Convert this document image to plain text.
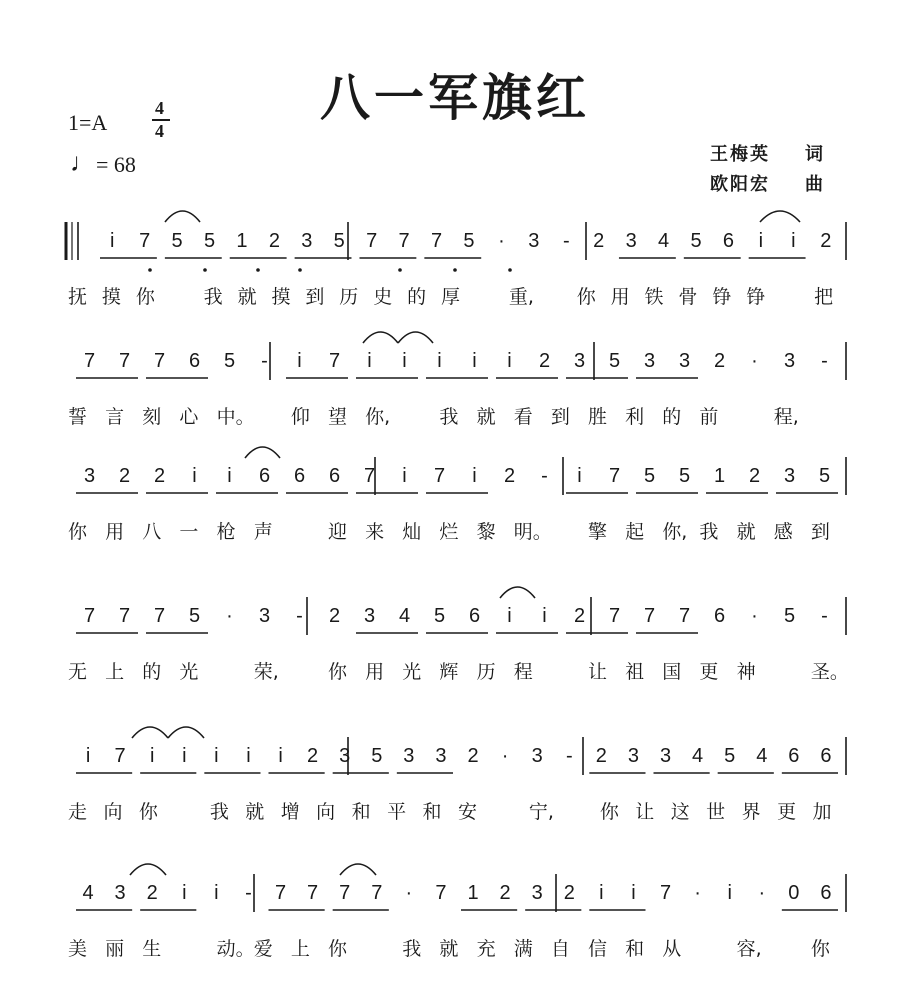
八一军旗红
1=A
4
4
♩ = 68	王梅英 词
欧阳宏 曲
i	7	5	5	1	2	3	5	7	7	7	5	·	3	-	2	3	4	5	6	i	i	2
抚 摸 你	我 就 摸 到 历 史 的 厚	重, 你 用 铁 骨 铮 铮	把
7	7	7	6	5	-	i	7	i	i	i	i	i	2	3	5	3	3	2	·	3	-
誓 言 刻 心 中。 仰 望 你,	我 就 看 到 胜 利 的 前	程,
3	2	2	i	i	6	6	6	7	i	7	i	2	-	i	7	5	5	1	2	3	5
你 用 八 一 枪 声	迎 来 灿 烂 黎 明。 擎 起 你, 我 就 感 到
7	7	7	5	·	3	-	2	3	4	5	6	i	i	2	7	7	7	6	·	5	-
无 上 的 光	荣,	你 用 光 辉 历 程	让 祖 国 更 神	圣。
i	7	i	i	i	i	i	2	3	5	3	3	2	·	3	-	2	3	3	4	5	4	6	6
走 向 你	我 就 增 向 和 平 和 安	宁, 你 让 这 世 界 更 加
4	3	2	i	i	-	7	7	7	7	·	7	1	2	3	2	i	i	7	·	i	·	0	6
美 丽 生	动。 爱 上 你	我 就 充 满 自 信 和 从	容,	你
